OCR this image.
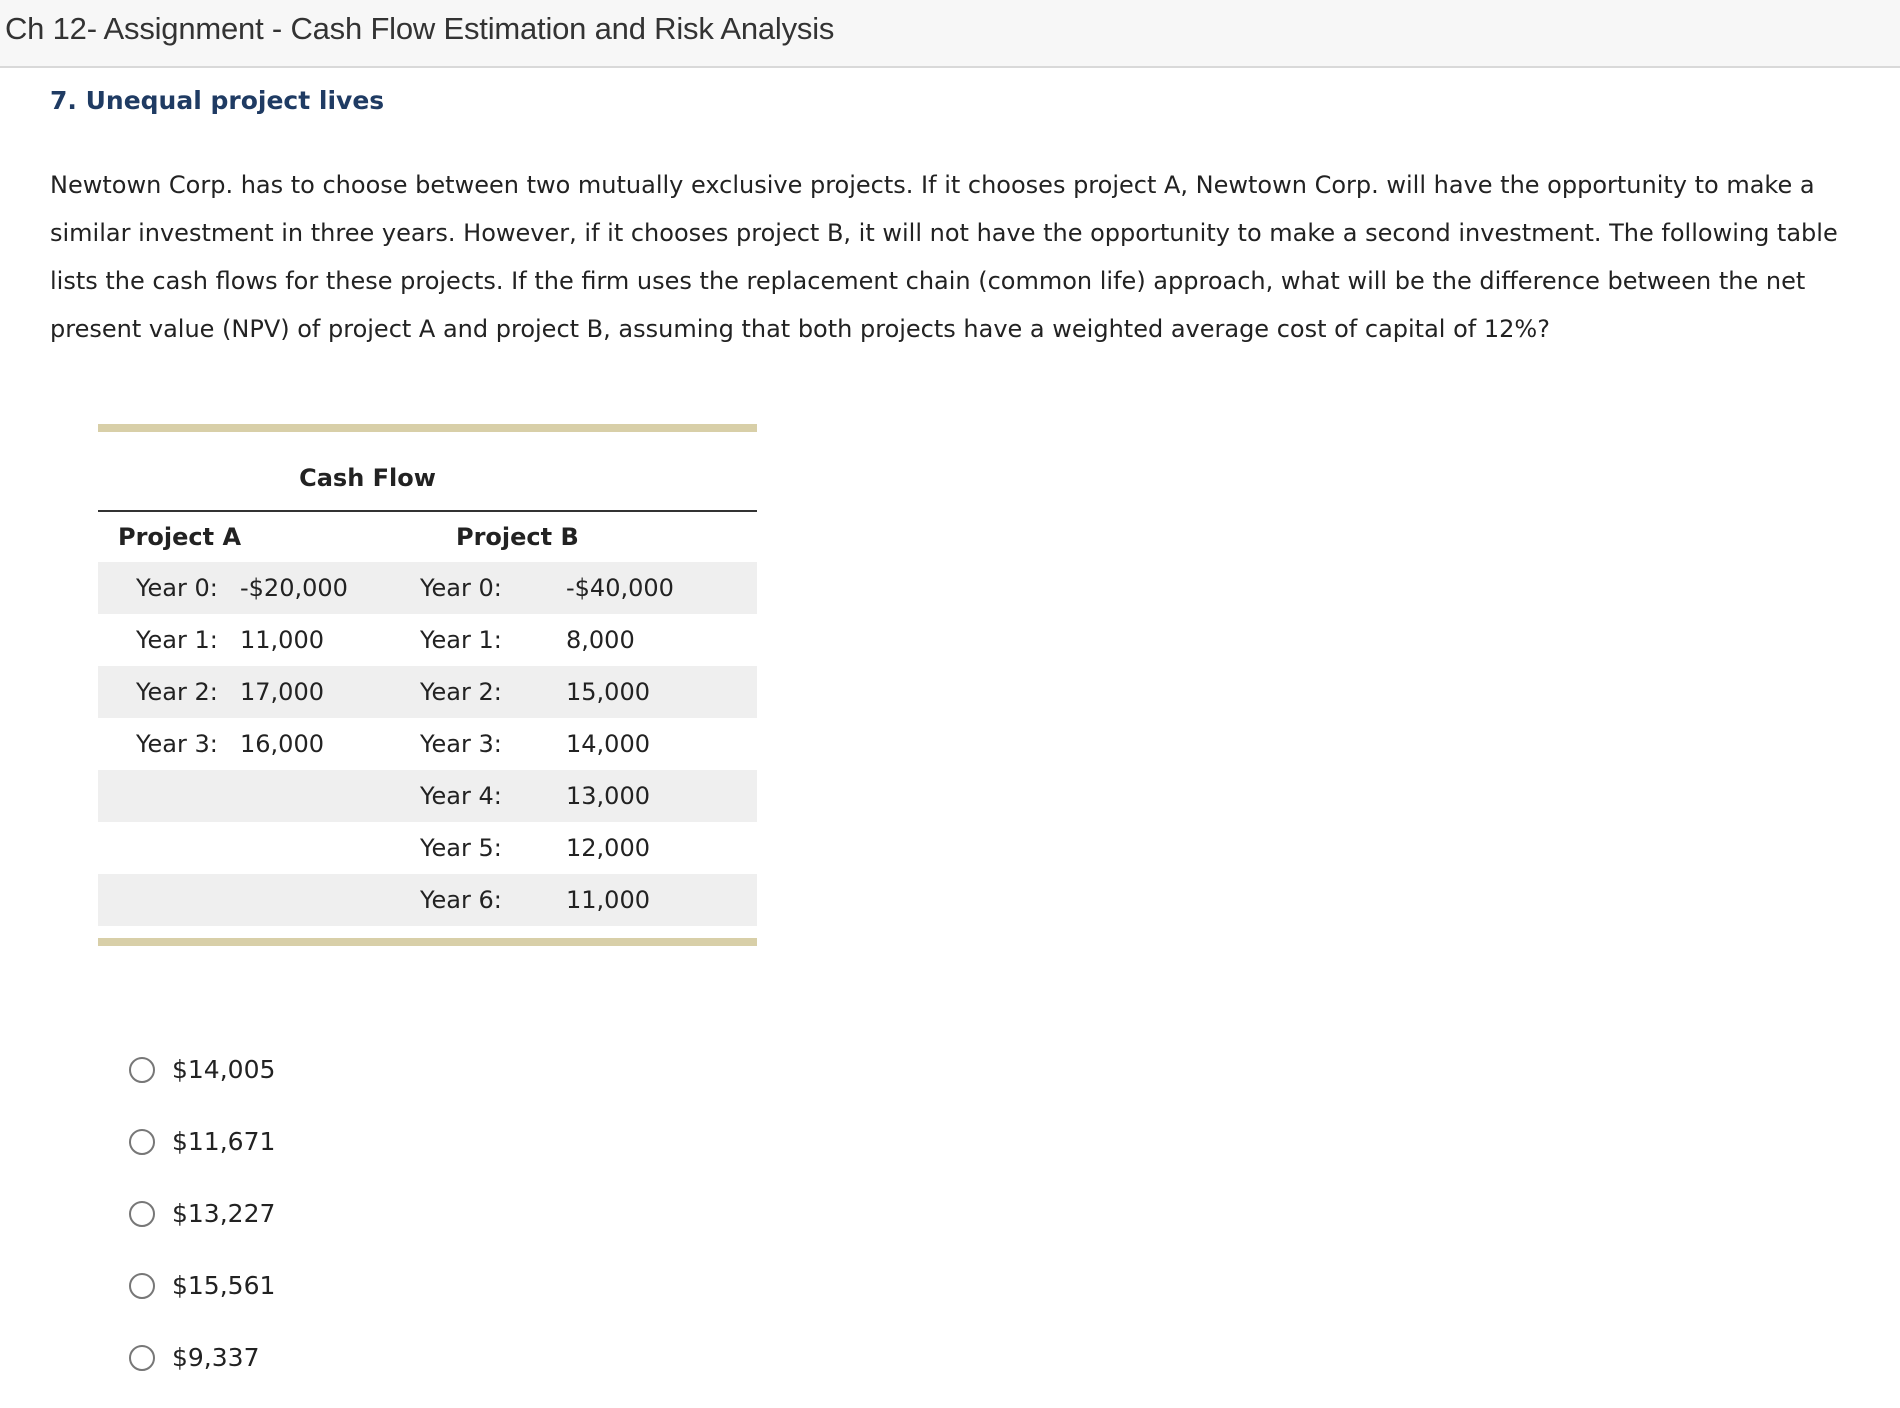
Ch 12- Assignment - Cash Flow Estimation and Risk Analysis
7. Unequal project lives

Newtown Corp. has to choose between two mutually exclusive projects. If it chooses project A, Newtown Corp. will have the opportunity to make a similar investment in three years. However, if it chooses project B, it will not have the opportunity to make a second investment. The following table lists the cash flows for these projects. If the firm uses the replacement chain (common life) approach, what will be the difference between the net present value (NPV) of project A and project B, assuming that both projects have a weighted average cost of capital of 12%?

Cash Flow			
Project A		Project B	
Year 0:	-$20,000	Year 0:	-$40,000
Year 1:	11,000	Year 1:	8,000
Year 2:	17,000	Year 2:	15,000
Year 3:	16,000	Year 3:	14,000
		Year 4:	13,000
		Year 5:	12,000
		Year 6:	11,000
$14,005
$11,671
$13,227
$15,561
$9,337
